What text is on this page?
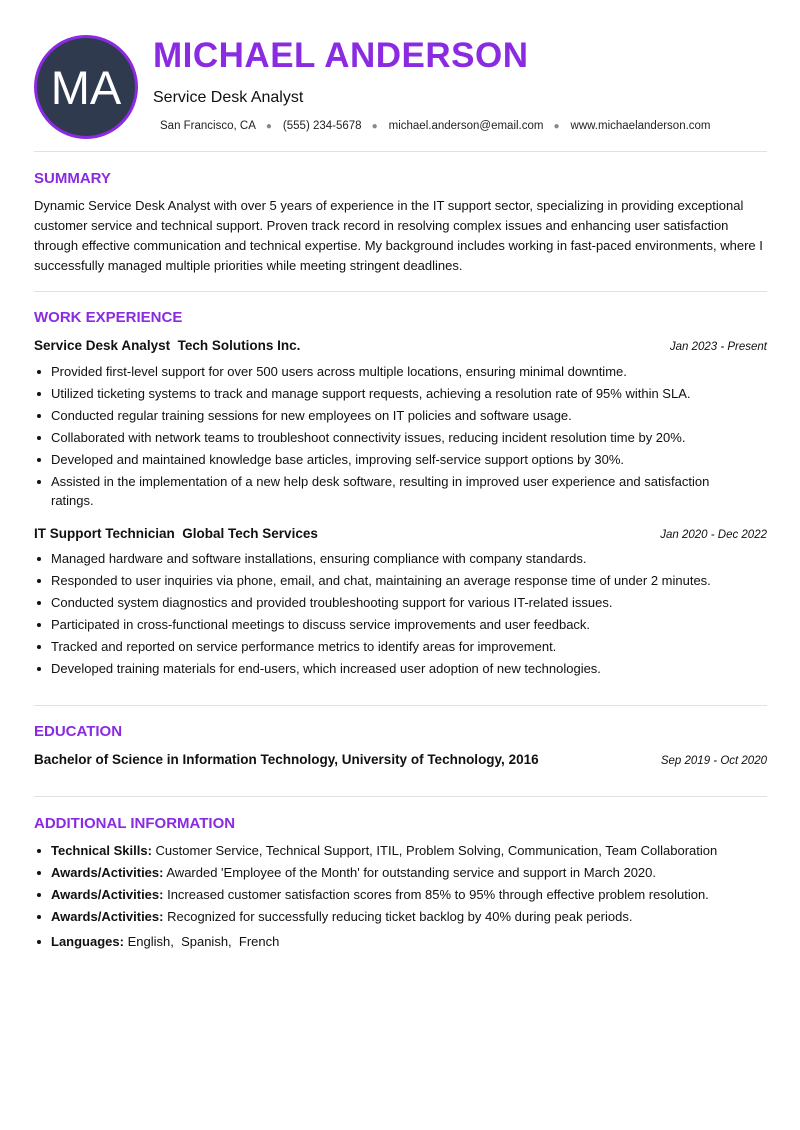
MA
MICHAEL ANDERSON
Service Desk Analyst
San Francisco, CA ● (555) 234-5678 ● michael.anderson@email.com ● www.michaelanderson.com
SUMMARY
Dynamic Service Desk Analyst with over 5 years of experience in the IT support sector, specializing in providing exceptional customer service and technical support. Proven track record in resolving complex issues and enhancing user satisfaction through effective communication and technical expertise. My background includes working in fast-paced environments, where I successfully managed multiple priorities while meeting stringent deadlines.
WORK EXPERIENCE
Service Desk Analyst Tech Solutions Inc.	Jan 2023 - Present
Provided first-level support for over 500 users across multiple locations, ensuring minimal downtime.
Utilized ticketing systems to track and manage support requests, achieving a resolution rate of 95% within SLA.
Conducted regular training sessions for new employees on IT policies and software usage.
Collaborated with network teams to troubleshoot connectivity issues, reducing incident resolution time by 20%.
Developed and maintained knowledge base articles, improving self-service support options by 30%.
Assisted in the implementation of a new help desk software, resulting in improved user experience and satisfaction ratings.
IT Support Technician Global Tech Services	Jan 2020 - Dec 2022
Managed hardware and software installations, ensuring compliance with company standards.
Responded to user inquiries via phone, email, and chat, maintaining an average response time of under 2 minutes.
Conducted system diagnostics and provided troubleshooting support for various IT-related issues.
Participated in cross-functional meetings to discuss service improvements and user feedback.
Tracked and reported on service performance metrics to identify areas for improvement.
Developed training materials for end-users, which increased user adoption of new technologies.
EDUCATION
Bachelor of Science in Information Technology, University of Technology, 2016	Sep 2019 - Oct 2020
ADDITIONAL INFORMATION
Technical Skills: Customer Service, Technical Support, ITIL, Problem Solving, Communication, Team Collaboration
Awards/Activities: Awarded 'Employee of the Month' for outstanding service and support in March 2020.
Awards/Activities: Increased customer satisfaction scores from 85% to 95% through effective problem resolution.
Awards/Activities: Recognized for successfully reducing ticket backlog by 40% during peak periods.
Languages: English,  Spanish,  French
